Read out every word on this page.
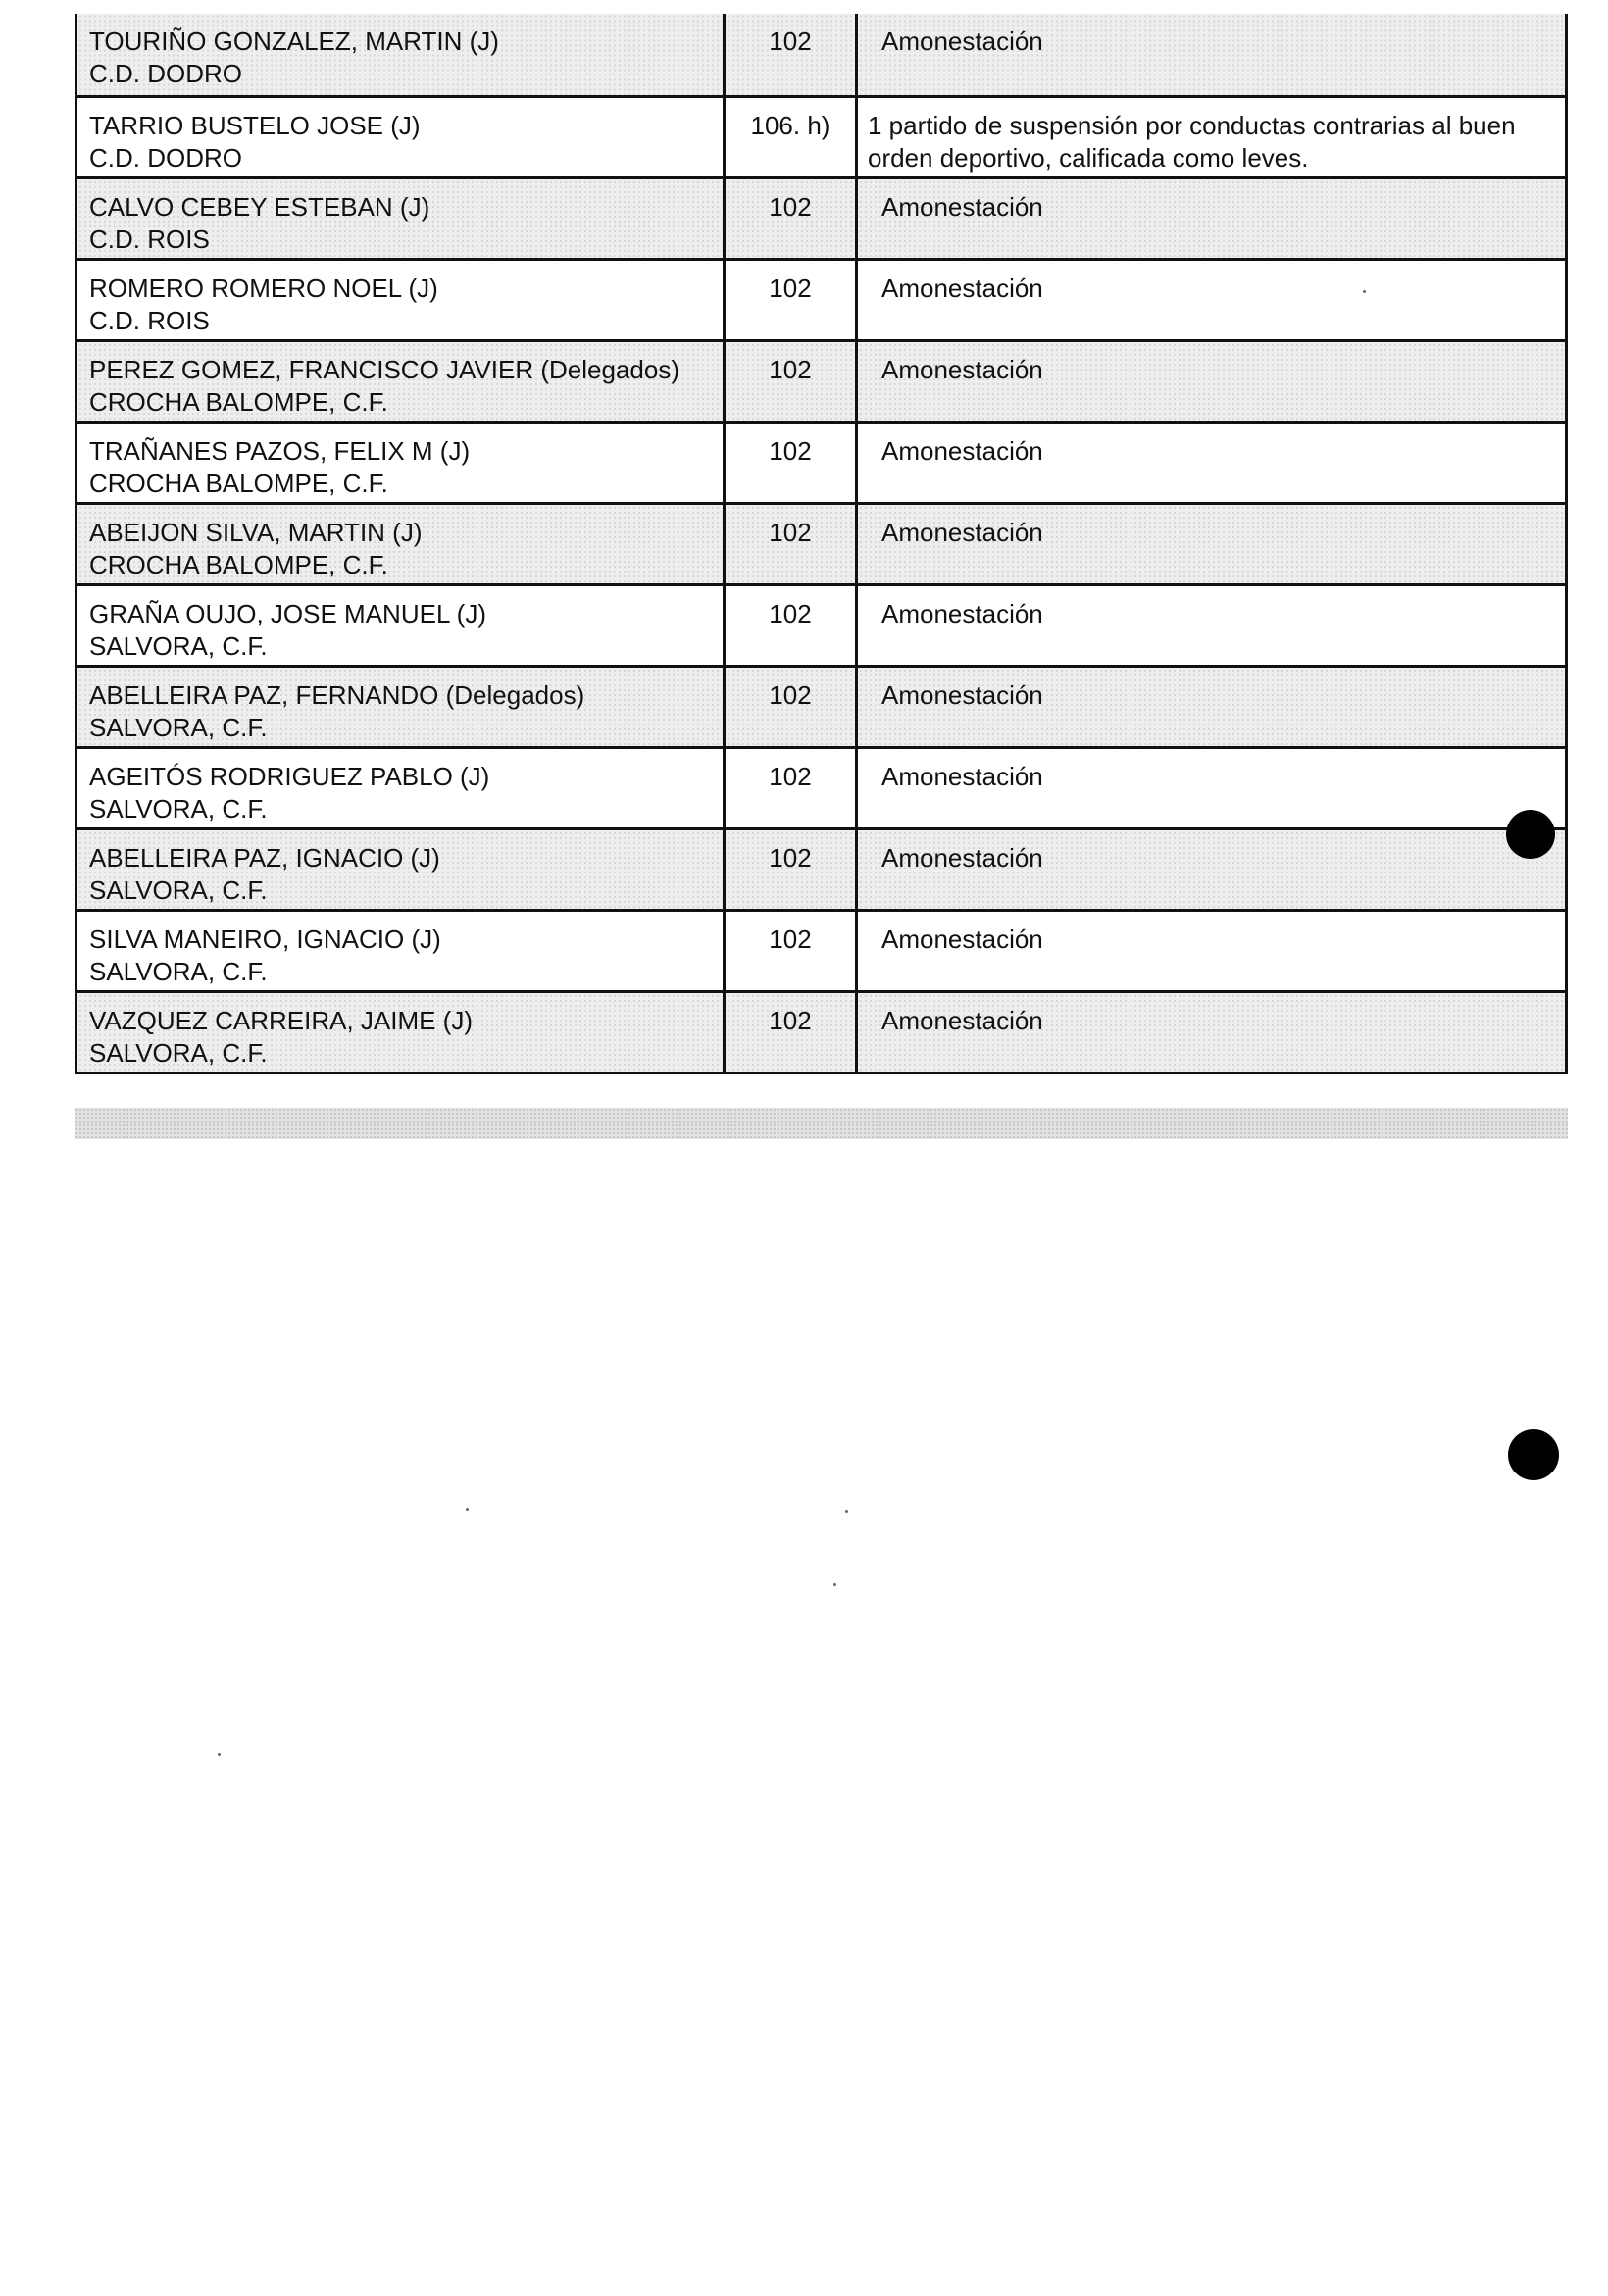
TOURIÑO GONZALEZ, MARTIN (J)
C.D. DODRO	102	Amonestación

TARRIO BUSTELO JOSE (J)
C.D. DODRO	106. h)	1 partido de suspensión por conductas contrarias al buen orden deportivo, calificada como leves.

CALVO CEBEY ESTEBAN (J)
C.D. ROIS	102	Amonestación

ROMERO ROMERO NOEL (J)
C.D. ROIS	102	Amonestación

PEREZ GOMEZ, FRANCISCO JAVIER (Delegados)
CROCHA BALOMPE, C.F.	102	Amonestación

TRAÑANES PAZOS, FELIX M (J)
CROCHA BALOMPE, C.F.	102	Amonestación

ABEIJON SILVA, MARTIN (J)
CROCHA BALOMPE, C.F.	102	Amonestación

GRAÑA OUJO, JOSE MANUEL (J)
SALVORA, C.F.	102	Amonestación

ABELLEIRA PAZ, FERNANDO (Delegados)
SALVORA, C.F.	102	Amonestación

AGEITÓS RODRIGUEZ PABLO (J)
SALVORA, C.F.	102	Amonestación

ABELLEIRA PAZ, IGNACIO (J)
SALVORA, C.F.	102	Amonestación

SILVA MANEIRO, IGNACIO (J)
SALVORA, C.F.	102	Amonestación

VAZQUEZ CARREIRA, JAIME (J)
SALVORA, C.F.	102	Amonestación
